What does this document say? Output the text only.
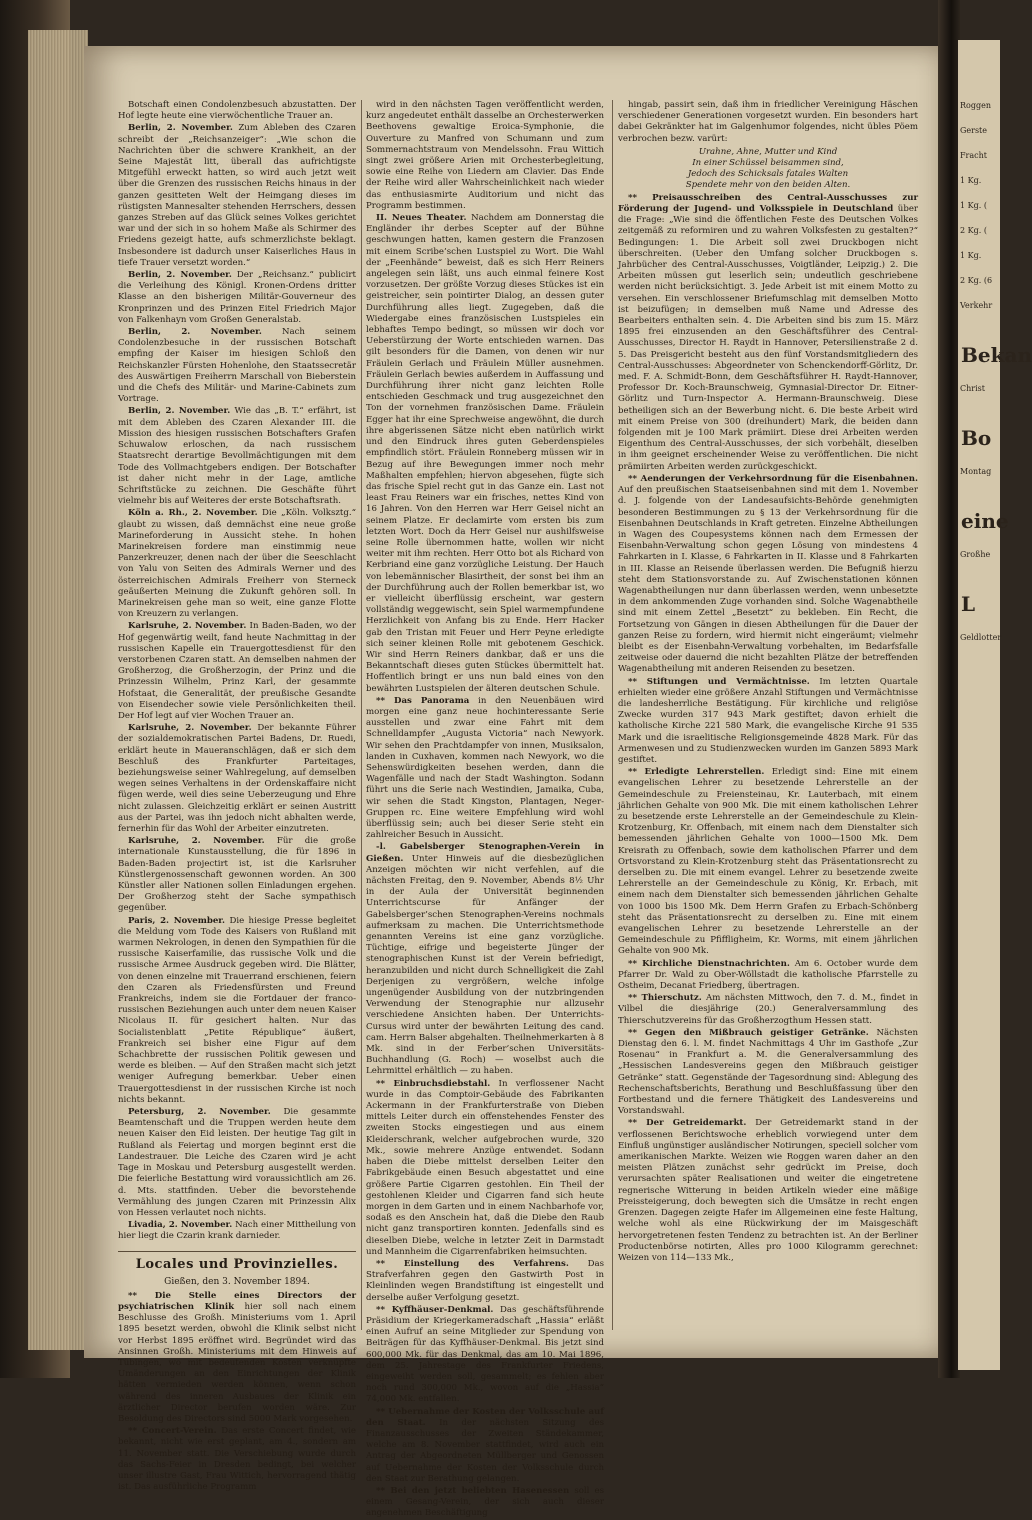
Botschaft einen Condolenzbesuch abzustatten. Der Hof legte heute eine vierwöchentliche Trauer an.

Berlin, 2. November. Zum Ableben des Czaren schreibt der „Reichsanzeiger“: „Wie schon die Nachrichten über die schwere Krankheit, an der Seine Majestät litt, überall das aufrichtigste Mitgefühl erweckt hatten, so wird auch jetzt weit über die Grenzen des russischen Reichs hinaus in der ganzen gesitteten Welt der Heimgang dieses im rüstigsten Mannesalter stehenden Herrschers, dessen ganzes Streben auf das Glück seines Volkes gerichtet war und der sich in so hohem Maße als Schirmer des Friedens gezeigt hatte, aufs schmerzlichste beklagt. Insbesondere ist dadurch unser Kaiserliches Haus in tiefe Trauer versetzt worden.“

Berlin, 2. November. Der „Reichsanz.“ publicirt die Verleihung des Königl. Kronen-Ordens dritter Klasse an den bisherigen Militär-Gouverneur des Kronprinzen und des Prinzen Eitel Friedrich Major von Falkenhayn vom Großen Generalstab.

Berlin, 2. November. Nach seinem Condolenzbesuche in der russischen Botschaft empfing der Kaiser im hiesigen Schloß den Reichskanzler Fürsten Hohenlohe, den Staatssecretär des Auswärtigen Freiherrn Marschall von Bieberstein und die Chefs des Militär- und Marine-Cabinets zum Vortrage.

Berlin, 2. November. Wie das „B. T.“ erfährt, ist mit dem Ableben des Czaren Alexander III. die Mission des hiesigen russischen Botschafters Grafen Schuwalow erloschen, da nach russischem Staatsrecht derartige Bevollmächtigungen mit dem Tode des Vollmachtgebers endigen. Der Botschafter ist daher nicht mehr in der Lage, amtliche Schriftstücke zu zeichnen. Die Geschäfte führt vielmehr bis auf Weiteres der erste Botschaftsrath.

Köln a. Rh., 2. November. Die „Köln. Volksztg.“ glaubt zu wissen, daß demnächst eine neue große Marineforderung in Aussicht stehe. In hohen Marinekreisen fordere man einstimmig neue Panzerkreuzer, denen nach der über die Seeschlacht von Yalu von Seiten des Admirals Werner und des österreichischen Admirals Freiherr von Sterneck geäußerten Meinung die Zukunft gehören soll. In Marinekreisen gehe man so weit, eine ganze Flotte von Kreuzern zu verlangen.

Karlsruhe, 2. November. In Baden-Baden, wo der Hof gegenwärtig weilt, fand heute Nachmittag in der russischen Kapelle ein Trauergottesdienst für den verstorbenen Czaren statt. An demselben nahmen der Großherzog, die Großherzogin, der Prinz und die Prinzessin Wilhelm, Prinz Karl, der gesammte Hofstaat, die Generalität, der preußische Gesandte von Eisendecher sowie viele Persönlichkeiten theil. Der Hof legt auf vier Wochen Trauer an.

Karlsruhe, 2. November. Der bekannte Führer der sozialdemokratischen Partei Badens, Dr. Ruedi, erklärt heute in Maueranschlägen, daß er sich dem Beschluß des Frankfurter Parteitages, beziehungsweise seiner Wahlregelung, auf demselben wegen seines Verhaltens in der Ordenskaffaire nicht fügen werde, weil dies seine Ueberzeugung und Ehre nicht zulassen. Gleichzeitig erklärt er seinen Austritt aus der Partei, was ihn jedoch nicht abhalten werde, fernerhin für das Wohl der Arbeiter einzutreten.

Karlsruhe, 2. November. Für die große internationale Kunstausstellung, die für 1896 in Baden-Baden projectirt ist, ist die Karlsruher Künstlergenossenschaft gewonnen worden. An 300 Künstler aller Nationen sollen Einladungen ergehen. Der Großherzog steht der Sache sympathisch gegenüber.

Paris, 2. November. Die hiesige Presse begleitet die Meldung vom Tode des Kaisers von Rußland mit warmen Nekrologen, in denen den Sympathien für die russische Kaiserfamilie, das russische Volk und die russische Armee Ausdruck gegeben wird. Die Blätter, von denen einzelne mit Trauerrand erschienen, feiern den Czaren als Friedensfürsten und Freund Frankreichs, indem sie die Fortdauer der franco-russischen Beziehungen auch unter dem neuen Kaiser Nicolaus II. für gesichert halten. Nur das Socialistenblatt „Petite République“ äußert, Frankreich sei bisher eine Figur auf dem Schachbrette der russischen Politik gewesen und werde es bleiben. — Auf den Straßen macht sich jetzt weniger Aufregung bemerkbar. Ueber einen Trauergottesdienst in der russischen Kirche ist noch nichts bekannt.

Petersburg, 2. November. Die gesammte Beamtenschaft und die Truppen werden heute dem neuen Kaiser den Eid leisten. Der heutige Tag gilt in Rußland als Feiertag und morgen beginnt erst die Landestrauer. Die Leiche des Czaren wird je acht Tage in Moskau und Petersburg ausgestellt werden. Die feierliche Bestattung wird voraussichtlich am 26. d. Mts. stattfinden. Ueber die bevorstehende Vermählung des jungen Czaren mit Prinzessin Alix von Hessen verlautet noch nichts.

Livadia, 2. November. Nach einer Mittheilung von hier liegt die Czarin krank darnieder.

Locales und Provinzielles.
Gießen, den 3. November 1894.

** Die Stelle eines Directors der psychiatrischen Klinik hier soll nach einem Beschlusse des Großh. Ministeriums vom 1. April 1895 besetzt werden, obwohl die Klinik selbst nicht vor Herbst 1895 eröffnet wird. Begründet wird das Ansinnen Großh. Ministeriums mit dem Hinweis auf Tübingen, wo mit bedeutenden Kosten verknüpfte Umänderungen an den Einrichtungen der Klinik hätten vermieden werden können, wenn schon während des inneren Ausbaues der Klinik ein ärztlicher Director berufen worden wäre. Zur Besoldung des Directors sind 5000 Mark vorgesehen.

** Concert-Verein. Das erste Concert findet, wie bekannt, nicht wie erst geplant, am 4., sondern am 11. November statt. Die Verschiebung wurde durch das Sachs-Feier in Dresden bedingt, bei welcher unser illustre Gast, Frau Wittich, hervorragend thätig ist. Das ausführliche Programm

wird in den nächsten Tagen veröffentlicht werden, kurz angedeutet enthält dasselbe an Orchesterwerken Beethovens gewaltige Eroica-Symphonie, die Ouverture zu Manfred von Schumann und zum Sommernachtstraum von Mendelssohn. Frau Wittich singt zwei größere Arien mit Orchesterbegleitung, sowie eine Reihe von Liedern am Clavier. Das Ende der Reihe wird aller Wahrscheinlichkeit nach wieder das enthusiasmirte Auditorium und nicht das Programm bestimmen.

II. Neues Theater. Nachdem am Donnerstag die Engländer ihr derbes Scepter auf der Bühne geschwungen hatten, kamen gestern die Franzosen mit einem Scribe’schen Lustspiel zu Wort. Die Wahl der „Feenhände“ beweist, daß es sich Herr Reiners angelegen sein läßt, uns auch einmal feinere Kost vorzusetzen. Der größte Vorzug dieses Stückes ist ein geistreicher, sein pointirter Dialog, an dessen guter Durchführung alles liegt. Zugegeben, daß die Wiedergabe eines französischen Lustspieles ein lebhaftes Tempo bedingt, so müssen wir doch vor Ueberstürzung der Worte entschieden warnen. Das gilt besonders für die Damen, von denen wir nur Fräulein Gerlach und Fräulein Müller ausnehmen. Fräulein Gerlach bewies außerdem in Auffassung und Durchführung ihrer nicht ganz leichten Rolle entschieden Geschmack und trug ausgezeichnet den Ton der vornehmen französischen Dame. Fräulein Egger hat ihr eine Sprechweise angewöhnt, die durch ihre abgerissenen Sätze nicht eben natürlich wirkt und den Eindruck ihres guten Geberdenspieles empfindlich stört. Fräulein Ronneberg müssen wir in Bezug auf ihre Bewegungen immer noch mehr Maßhalten empfehlen; hiervon abgesehen, fügte sich das frische Spiel recht gut in das Ganze ein. Last not least Frau Reiners war ein frisches, nettes Kind von 16 Jahren. Von den Herren war Herr Geisel nicht an seinem Platze. Er declamirte vom ersten bis zum letzten Wort. Doch da Herr Geisel nur aushilfsweise seine Rolle übernommen hatte, wollen wir nicht weiter mit ihm rechten. Herr Otto bot als Richard von Kerbriand eine ganz vorzügliche Leistung. Der Hauch von lebemännischer Blasirtheit, der sonst bei ihm an der Durchführung auch der Rollen bemerkbar ist, wo er vielleicht überflüssig erscheint, war gestern vollständig weggewischt, sein Spiel warmempfundene Herzlichkeit von Anfang bis zu Ende. Herr Hacker gab den Tristan mit Feuer und Herr Peyne erledigte sich seiner kleinen Rolle mit gebotenem Geschick. Wir sind Herrn Reiners dankbar, daß er uns die Bekanntschaft dieses guten Stückes übermittelt hat. Hoffentlich bringt er uns nun bald eines von den bewährten Lustspielen der älteren deutschen Schule.

** Das Panorama in den Neuenbäuen wird morgen eine ganz neue hochinteressante Serie ausstellen und zwar eine Fahrt mit dem Schnelldampfer „Augusta Victoria“ nach Newyork. Wir sehen den Prachtdampfer von innen, Musiksalon, landen in Cuxhaven, kommen nach Newyork, wo die Sehenswürdigkeiten besehen werden, dann die Wagenfälle und nach der Stadt Washington. Sodann führt uns die Serie nach Westindien, Jamaika, Cuba, wir sehen die Stadt Kingston, Plantagen, Neger-Gruppen rc. Eine weitere Empfehlung wird wohl überflüssig sein; auch bei dieser Serie steht ein zahlreicher Besuch in Aussicht.

-l. Gabelsberger Stenographen-Verein in Gießen. Unter Hinweis auf die diesbezüglichen Anzeigen möchten wir nicht verfehlen, auf die nächsten Freitag, den 9. November, Abends 8½ Uhr in der Aula der Universität beginnenden Unterrichtscurse für Anfänger der Gabelsberger’schen Stenographen-Vereins nochmals aufmerksam zu machen. Die Unterrichtsmethode genannten Vereins ist eine ganz vorzügliche. Tüchtige, eifrige und begeisterte Jünger der stenographischen Kunst ist der Verein befriedigt, heranzubilden und nicht durch Schnelligkeit die Zahl Derjenigen zu vergrößern, welche infolge ungenügender Ausbildung von der nutzbringenden Verwendung der Stenographie nur allzusehr verschiedene Ansichten haben. Der Unterrichts-Cursus wird unter der bewährten Leitung des cand. cam. Herrn Balser abgehalten. Theilnehmerkarten à 8 Mk. sind in der Ferber’schen Universitäts-Buchhandlung (G. Roch) — woselbst auch die Lehrmittel erhältlich — zu haben.

** Einbruchsdiebstahl. In verflossener Nacht wurde in das Comptoir-Gebäude des Fabrikanten Ackermann in der Frankfurterstraße von Dieben mittels Leiter durch ein offenstehendes Fenster des zweiten Stocks eingestiegen und aus einem Kleiderschrank, welcher aufgebrochen wurde, 320 Mk., sowie mehrere Anzüge entwendet. Sodann haben die Diebe mittelst derselben Leiter den Fabrikgebäude einen Besuch abgestattet und eine größere Partie Cigarren gestohlen. Ein Theil der gestohlenen Kleider und Cigarren fand sich heute morgen in dem Garten und in einem Nachbarhofe vor, sodaß es den Anschein hat, daß die Diebe den Raub nicht ganz transportiren konnten. Jedenfalls sind es dieselben Diebe, welche in letzter Zeit in Darmstadt und Mannheim die Cigarrenfabriken heimsuchten.

** Einstellung des Verfahrens. Das Strafverfahren gegen den Gastwirth Post in Kleinlinden wegen Brandstiftung ist eingestellt und derselbe außer Verfolgung gesetzt.

** Kyffhäuser-Denkmal. Das geschäftsführende Präsidium der Kriegerkameradschaft „Hassia“ erläßt einen Aufruf an seine Mitglieder zur Spendung von Beiträgen für das Kyffhäuser-Denkmal. Bis jetzt sind 600,000 Mk. für das Denkmal, das am 10. Mai 1896, dem 25. Jahrestage des Frankfurter Friedens, eingeweiht werden soll, gesammelt; es fehlen aber noch rund 300,000 Mk., wovon auf die „Hassia“ 74,000 Mk. entfallen.

** Uebernahme der Kosten der Volksschule auf den Staat. In der nächsten Sitzung des Finanzausschusses der Zweiten Ständekammer, welche am 8. November stattfindet, wird auch ein Antrag der Abgeordneten Müllberger und Genossen auf Uebernahme der Kosten der Volksschule durch den Staat zur Berathung gelangen.

** Bei den jetzt beliebten Hasenessen soll es einem Gesang-Verein, der sich auch dieser angenehmen Beschäftigung

hingab, passirt sein, daß ihm in friedlicher Vereinigung Häschen verschiedener Generationen vorgesetzt wurden. Ein besonders hart dabei Gekränkter hat im Galgenhumor folgendes, nicht übles Pöem verbrochen bezw. varürt:

Urahne, Ahne, Mutter und Kind
In einer Schüssel beisammen sind,
Jedoch des Schicksals fatales Walten
Spendete mehr von den beiden Alten.

** Preisausschreiben des Central-Ausschusses zur Förderung der Jugend- und Volksspiele in Deutschland über die Frage: „Wie sind die öffentlichen Feste des Deutschen Volkes zeitgemäß zu reformiren und zu wahren Volksfesten zu gestalten?“ Bedingungen: 1. Die Arbeit soll zwei Druckbogen nicht überschreiten. (Ueber den Umfang solcher Druckbogen s. Jahrbücher des Central-Ausschusses, Voigtländer, Leipzig.) 2. Die Arbeiten müssen gut leserlich sein; undeutlich geschriebene werden nicht berücksichtigt. 3. Jede Arbeit ist mit einem Motto zu versehen. Ein verschlossener Briefumschlag mit demselben Motto ist beizufügen; in demselben muß Name und Adresse des Bearbeiters enthalten sein. 4. Die Arbeiten sind bis zum 15. März 1895 frei einzusenden an den Geschäftsführer des Central-Ausschusses, Director H. Raydt in Hannover, Petersilienstraße 2 d. 5. Das Preisgericht besteht aus den fünf Vorstandsmitgliedern des Central-Ausschusses: Abgeordneter von Schenckendorff-Görlitz, Dr. med. F. A. Schmidt-Bonn, dem Geschäftsführer H. Raydt-Hannover, Professor Dr. Koch-Braunschweig, Gymnasial-Director Dr. Eitner-Görlitz und Turn-Inspector A. Hermann-Braunschweig. Diese betheiligen sich an der Bewerbung nicht. 6. Die beste Arbeit wird mit einem Preise von 300 (dreihundert) Mark, die beiden dann folgenden mit je 100 Mark prämiirt. Diese drei Arbeiten werden Eigenthum des Central-Ausschusses, der sich vorbehält, dieselben in ihm geeignet erscheinender Weise zu veröffentlichen. Die nicht prämiirten Arbeiten werden zurückgeschickt.

** Aenderungen der Verkehrsordnung für die Eisenbahnen. Auf den preußischen Staatseisenbahnen sind mit dem 1. November d. J. folgende von der Landesaufsichts-Behörde genehmigten besonderen Bestimmungen zu § 13 der Verkehrsordnung für die Eisenbahnen Deutschlands in Kraft getreten. Einzelne Abtheilungen in Wagen des Coupesystems können nach dem Ermessen der Eisenbahn-Verwaltung schon gegen Lösung von mindestens 4 Fahrkarten in I. Klasse, 6 Fahrkarten in II. Klasse und 8 Fahrkarten in III. Klasse an Reisende überlassen werden. Die Befugniß hierzu steht dem Stationsvorstande zu. Auf Zwischenstationen können Wagenabtheilungen nur dann überlassen werden, wenn unbesetzte in dem ankommenden Zuge vorhanden sind. Solche Wagenabtheile sind mit einem Zettel „Besetzt“ zu bekleben. Ein Recht, die Fortsetzung von Gängen in diesen Abtheilungen für die Dauer der ganzen Reise zu fordern, wird hiermit nicht eingeräumt; vielmehr bleibt es der Eisenbahn-Verwaltung vorbehalten, im Bedarfsfalle zeitweise oder dauernd die nicht bezahlten Plätze der betreffenden Wagenabtheilung mit anderen Reisenden zu besetzen.

** Stiftungen und Vermächtnisse. Im letzten Quartale erhielten wieder eine größere Anzahl Stiftungen und Vermächtnisse die landesherrliche Bestätigung. Für kirchliche und religiöse Zwecke wurden 317 943 Mark gestiftet; davon erhielt die katholische Kirche 221 580 Mark, die evangelische Kirche 91 535 Mark und die israelitische Religionsgemeinde 4828 Mark. Für das Armenwesen und zu Studienzwecken wurden im Ganzen 5893 Mark gestiftet.

** Erledigte Lehrerstellen. Erledigt sind: Eine mit einem evangelischen Lehrer zu besetzende Lehrerstelle an der Gemeindeschule zu Freiensteinau, Kr. Lauterbach, mit einem jährlichen Gehalte von 900 Mk. Die mit einem katholischen Lehrer zu besetzende erste Lehrerstelle an der Gemeindeschule zu Klein-Krotzenburg, Kr. Offenbach, mit einem nach dem Dienstalter sich bemessenden jährlichen Gehalte von 1000—1500 Mk. Dem Kreisrath zu Offenbach, sowie dem katholischen Pfarrer und dem Ortsvorstand zu Klein-Krotzenburg steht das Präsentationsrecht zu derselben zu. Die mit einem evangel. Lehrer zu besetzende zweite Lehrerstelle an der Gemeindeschule zu König, Kr. Erbach, mit einem nach dem Dienstalter sich bemessenden jährlichen Gehalte von 1000 bis 1500 Mk. Dem Herrn Grafen zu Erbach-Schönberg steht das Präsentationsrecht zu derselben zu. Eine mit einem evangelischen Lehrer zu besetzende Lehrerstelle an der Gemeindeschule zu Pfiffligheim, Kr. Worms, mit einem jährlichen Gehalte von 900 Mk.

** Kirchliche Dienstnachrichten. Am 6. October wurde dem Pfarrer Dr. Wald zu Ober-Wöllstadt die katholische Pfarrstelle zu Ostheim, Decanat Friedberg, übertragen.

** Thierschutz. Am nächsten Mittwoch, den 7. d. M., findet in Vilbel die diesjährige (20.) Generalversammlung des Thierschutzvereins für das Großherzogthum Hessen statt.

** Gegen den Mißbrauch geistiger Getränke. Nächsten Dienstag den 6. l. M. findet Nachmittags 4 Uhr im Gasthofe „Zur Rosenau“ in Frankfurt a. M. die Generalversammlung des „Hessischen Landesvereins gegen den Mißbrauch geistiger Getränke“ statt. Gegenstände der Tagesordnung sind: Ablegung des Rechenschaftsberichts, Berathung und Beschlußfassung über den Fortbestand und die fernere Thätigkeit des Landesvereins und Vorstandswahl.

** Der Getreidemarkt. Der Getreidemarkt stand in der verflossenen Berichtswoche erheblich vorwiegend unter dem Einfluß ungünstiger ausländischer Notirungen, speciell solcher vom amerikanischen Markte. Weizen wie Roggen waren daher an den meisten Plätzen zunächst sehr gedrückt im Preise, doch verursachten später Realisationen und weiter die eingetretene regnerische Witterung in beiden Artikeln wieder eine mäßige Preissteigerung, doch bewegten sich die Umsätze in recht engen Grenzen. Dagegen zeigte Hafer im Allgemeinen eine feste Haltung, welche wohl als eine Rückwirkung der im Maisgeschäft hervorgetretenen festen Tendenz zu betrachten ist. An der Berliner Productenbörse notirten, Alles pro 1000 Kilogramm gerechnet: Weizen von 114—133 Mk.,

Roggen
Gerste
Fracht
1 Kg.
1 Kg. (
2 Kg. (
1 Kg.
2 Kg. (6
Verkehr
Bekan
Christ
Bo
Montag
eine
Großhe
L
Geldlotter
